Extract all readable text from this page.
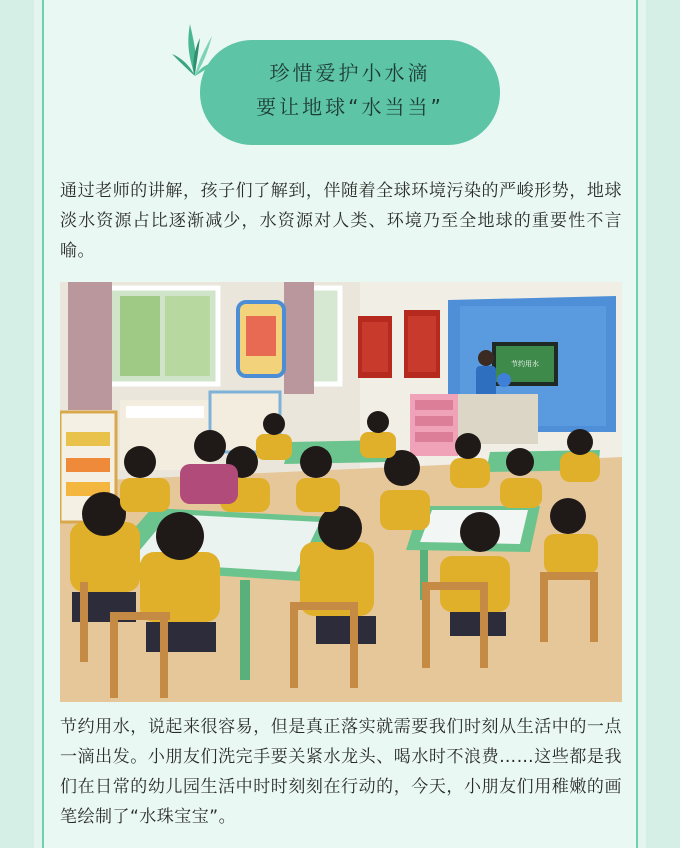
珍惜爱护小水滴
要让地球“水当当”

通过老师的讲解，孩子们了解到，伴随着全球环境污染的严峻形势，地球淡水资源占比逐渐减少，水资源对人类、环境乃至全地球的重要性不言喻。

节约用水

节约用水，说起来很容易，但是真正落实就需要我们时刻从生活中的一点一滴出发。小朋友们洗完手要关紧水龙头、喝水时不浪费……这些都是我们在日常的幼儿园生活中时时刻刻在行动的，今天，小朋友们用稚嫩的画笔绘制了“水珠宝宝”。
